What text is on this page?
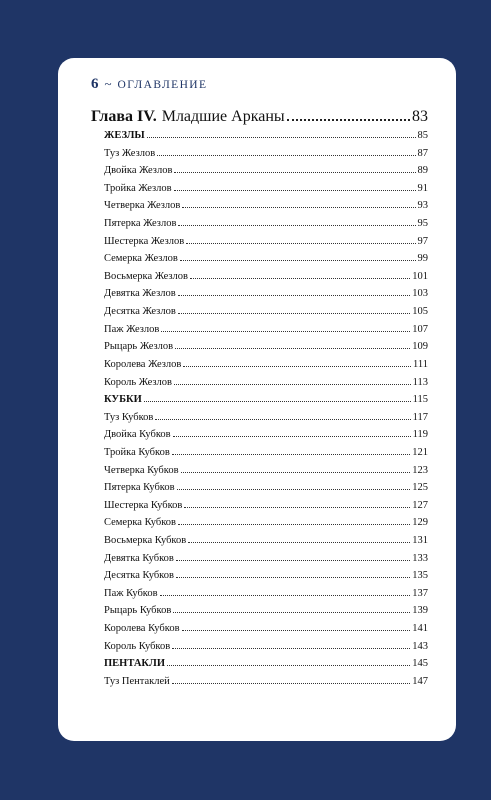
6 ~ ОГЛАВЛЕНИЕ
Глава IV. Младшие Арканы	83
ЖЕЗЛЫ	85
Туз Жезлов	87
Двойка Жезлов	89
Тройка Жезлов	91
Четверка Жезлов	93
Пятерка Жезлов	95
Шестерка Жезлов	97
Семерка Жезлов	99
Восьмерка Жезлов	101
Девятка Жезлов	103
Десятка Жезлов	105
Паж Жезлов	107
Рыцарь Жезлов	109
Королева Жезлов	111
Король Жезлов	113
КУБКИ	115
Туз Кубков	117
Двойка Кубков	119
Тройка Кубков	121
Четверка Кубков	123
Пятерка Кубков	125
Шестерка Кубков	127
Семерка Кубков	129
Восьмерка Кубков	131
Девятка Кубков	133
Десятка Кубков	135
Паж Кубков	137
Рыцарь Кубков	139
Королева Кубков	141
Король Кубков	143
ПЕНТАКЛИ	145
Туз Пентаклей	147
